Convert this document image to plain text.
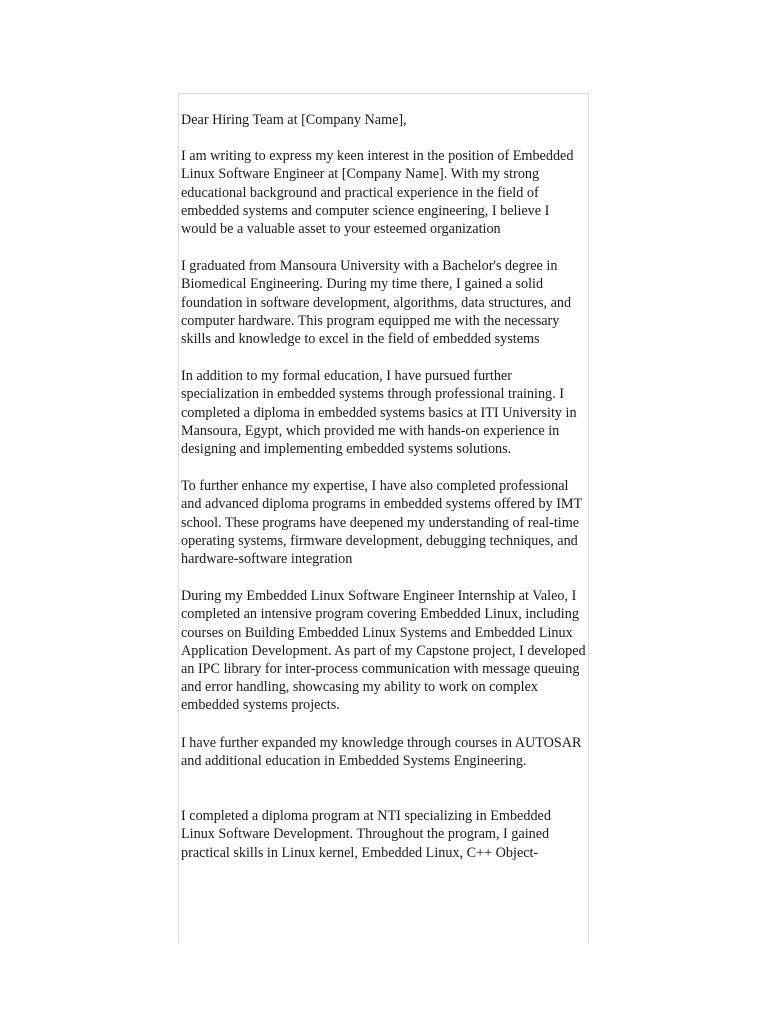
Dear Hiring Team at [Company Name],

I am writing to express my keen interest in the position of Embedded Linux Software Engineer at [Company Name]. With my strong educational background and practical experience in the field of embedded systems and computer science engineering, I believe I would be a valuable asset to your esteemed organization

I graduated from Mansoura University with a Bachelor's degree in Biomedical Engineering. During my time there, I gained a solid foundation in software development, algorithms, data structures, and computer hardware. This program equipped me with the necessary skills and knowledge to excel in the field of embedded systems

In addition to my formal education, I have pursued further specialization in embedded systems through professional training. I completed a diploma in embedded systems basics at ITI University in Mansoura, Egypt, which provided me with hands-on experience in designing and implementing embedded systems solutions.

To further enhance my expertise, I have also completed professional and advanced diploma programs in embedded systems offered by IMT school. These programs have deepened my understanding of real-time operating systems, firmware development, debugging techniques, and hardware-software integration

During my Embedded Linux Software Engineer Internship at Valeo, I completed an intensive program covering Embedded Linux, including courses on Building Embedded Linux Systems and Embedded Linux Application Development. As part of my Capstone project, I developed an IPC library for inter-process communication with message queuing and error handling, showcasing my ability to work on complex embedded systems projects.

I have further expanded my knowledge through courses in AUTOSAR and additional education in Embedded Systems Engineering.

I completed a diploma program at NTI specializing in Embedded Linux Software Development. Throughout the program, I gained practical skills in Linux kernel, Embedded Linux, C++ Object-
